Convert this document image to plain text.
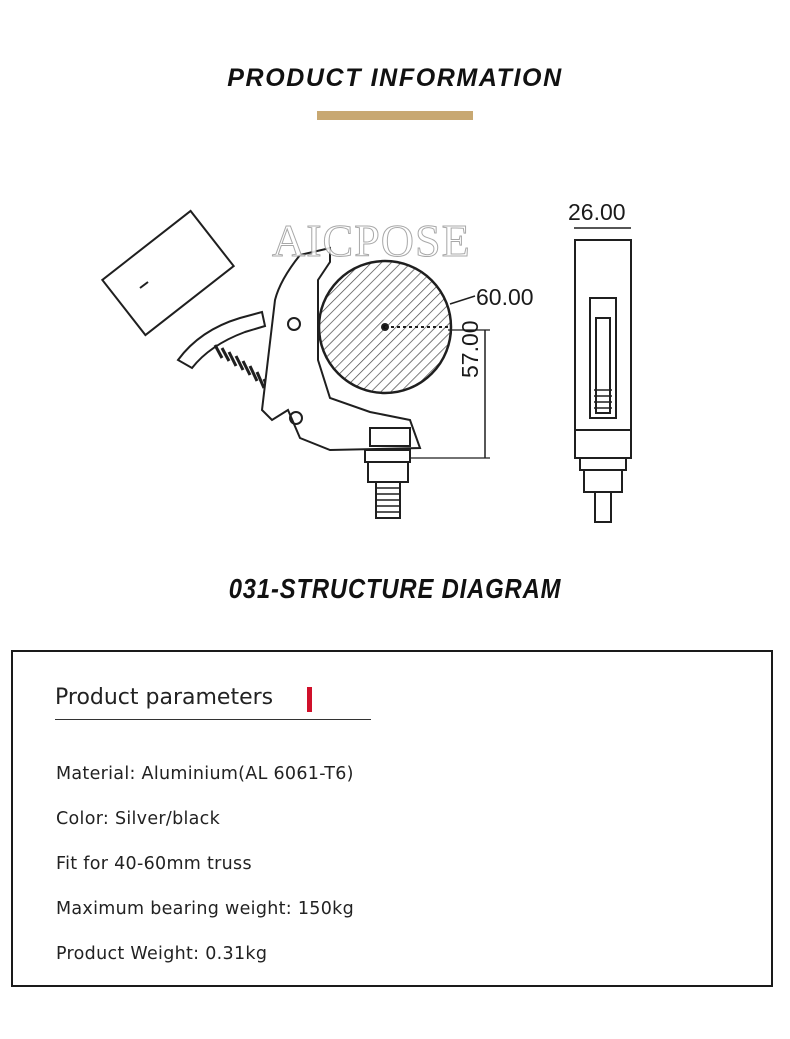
PRODUCT INFORMATION
AICPOSE
26.00
60.00
57.00
031-STRUCTURE DIAGRAM
Product parameters
Material: Aluminium(AL 6061-T6)
Color: Silver/black
Fit for 40-60mm truss
Maximum bearing weight: 150kg
Product Weight: 0.31kg
